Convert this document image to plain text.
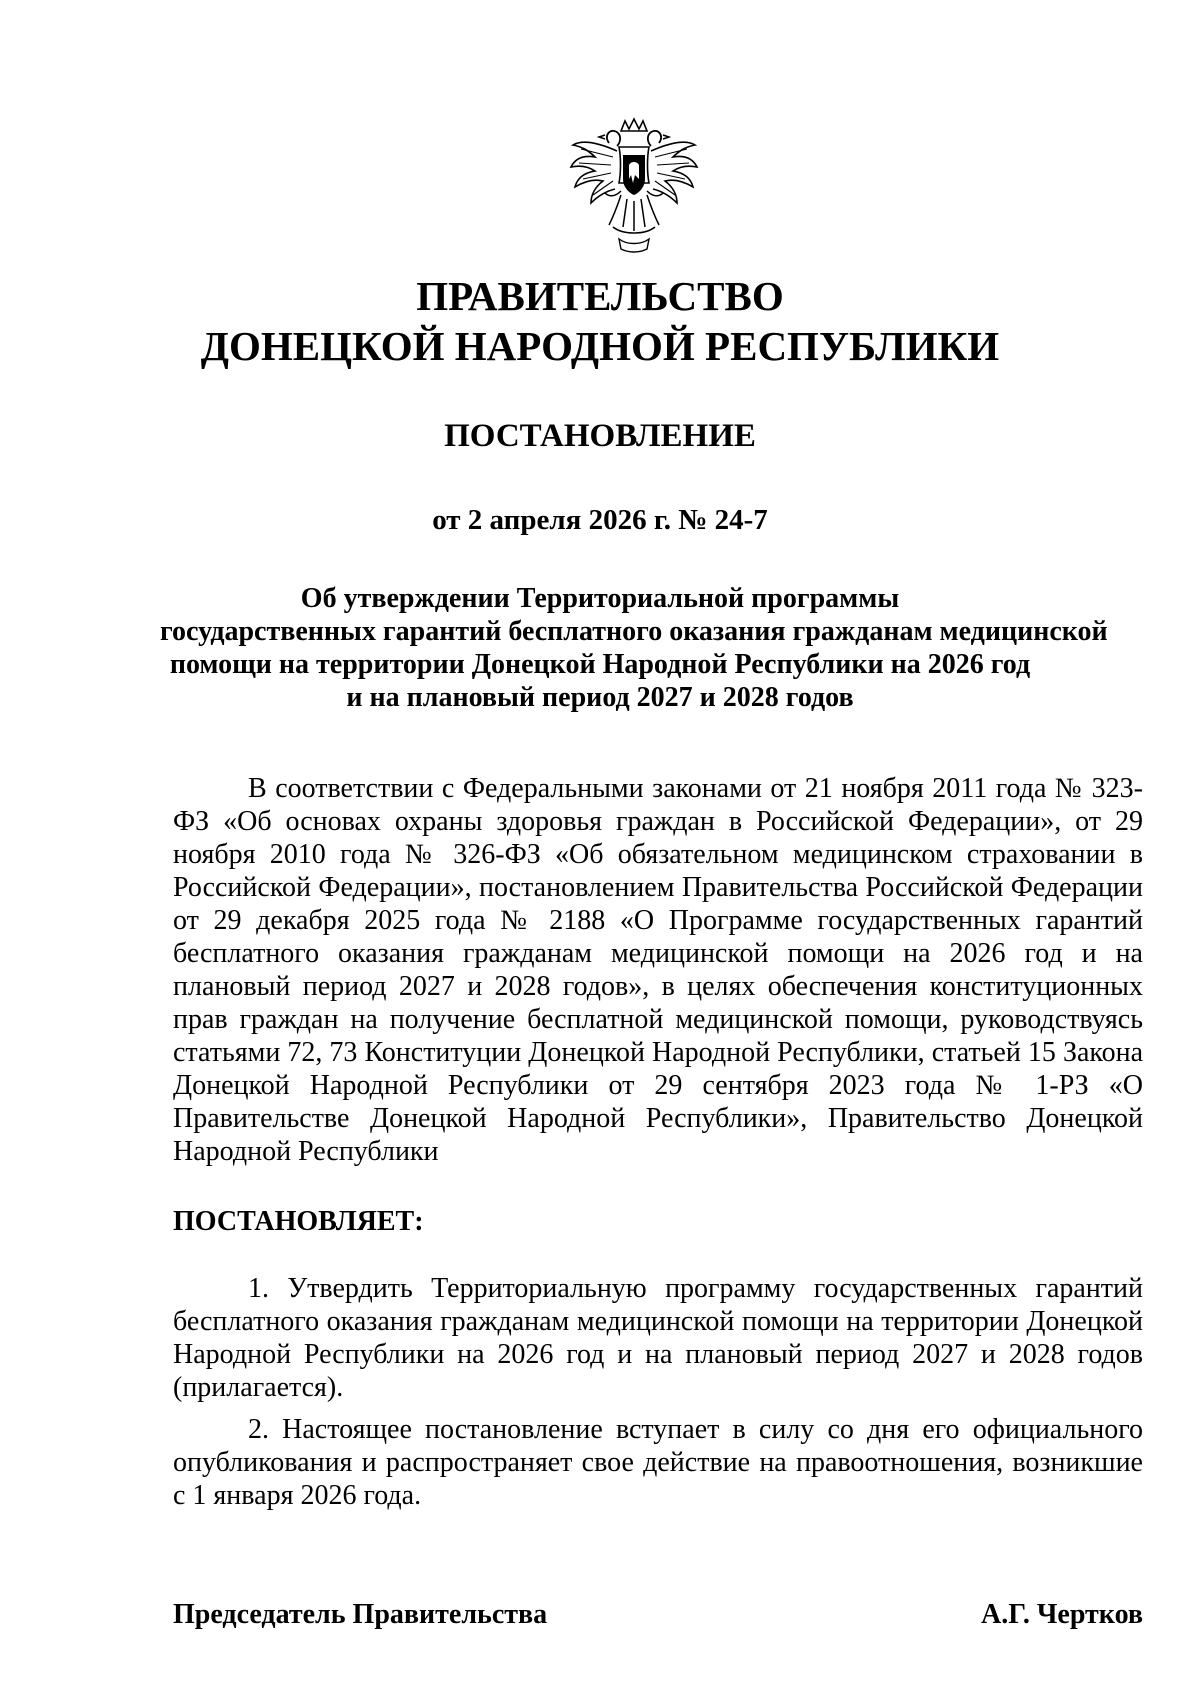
ПРАВИТЕЛЬСТВО
ДОНЕЦКОЙ НАРОДНОЙ РЕСПУБЛИКИ
ПОСТАНОВЛЕНИЕ

от 2 апреля 2026 г. № 24-7

Об утверждении Территориальной программы
государственных гарантий бесплатного оказания гражданам медицинской
помощи на территории Донецкой Народной Республики на 2026 год
и на плановый период 2027 и 2028 годов

В соответствии с Федеральными законами от 21 ноября 2011 года № 323-ФЗ «Об основах охраны здоровья граждан в Российской Федерации», от 29 ноября 2010 года № 326-ФЗ «Об обязательном медицинском страховании в Российской Федерации», постановлением Правительства Российской Федерации от 29 декабря 2025 года № 2188 «О Программе государственных гарантий бесплатного оказания гражданам медицинской помощи на 2026 год и на плановый период 2027 и 2028 годов», в целях обеспечения конституционных прав граждан на получение бесплатной медицинской помощи, руководствуясь статьями 72, 73 Конституции Донецкой Народной Республики, статьей 15 Закона Донецкой Народной Республики от 29 сентября 2023 года № 1-РЗ «О Правительстве Донецкой Народной Республики», Правительство Донецкой Народной Республики

ПОСТАНОВЛЯЕТ:

1. Утвердить Территориальную программу государственных гарантий бесплатного оказания гражданам медицинской помощи на территории Донецкой Народной Республики на 2026 год и на плановый период 2027 и 2028 годов (прилагается).

2. Настоящее постановление вступает в силу со дня его официального опубликования и распространяет свое действие на правоотношения, возникшие с 1 января 2026 года.

Председатель Правительства	А.Г. Чертков
